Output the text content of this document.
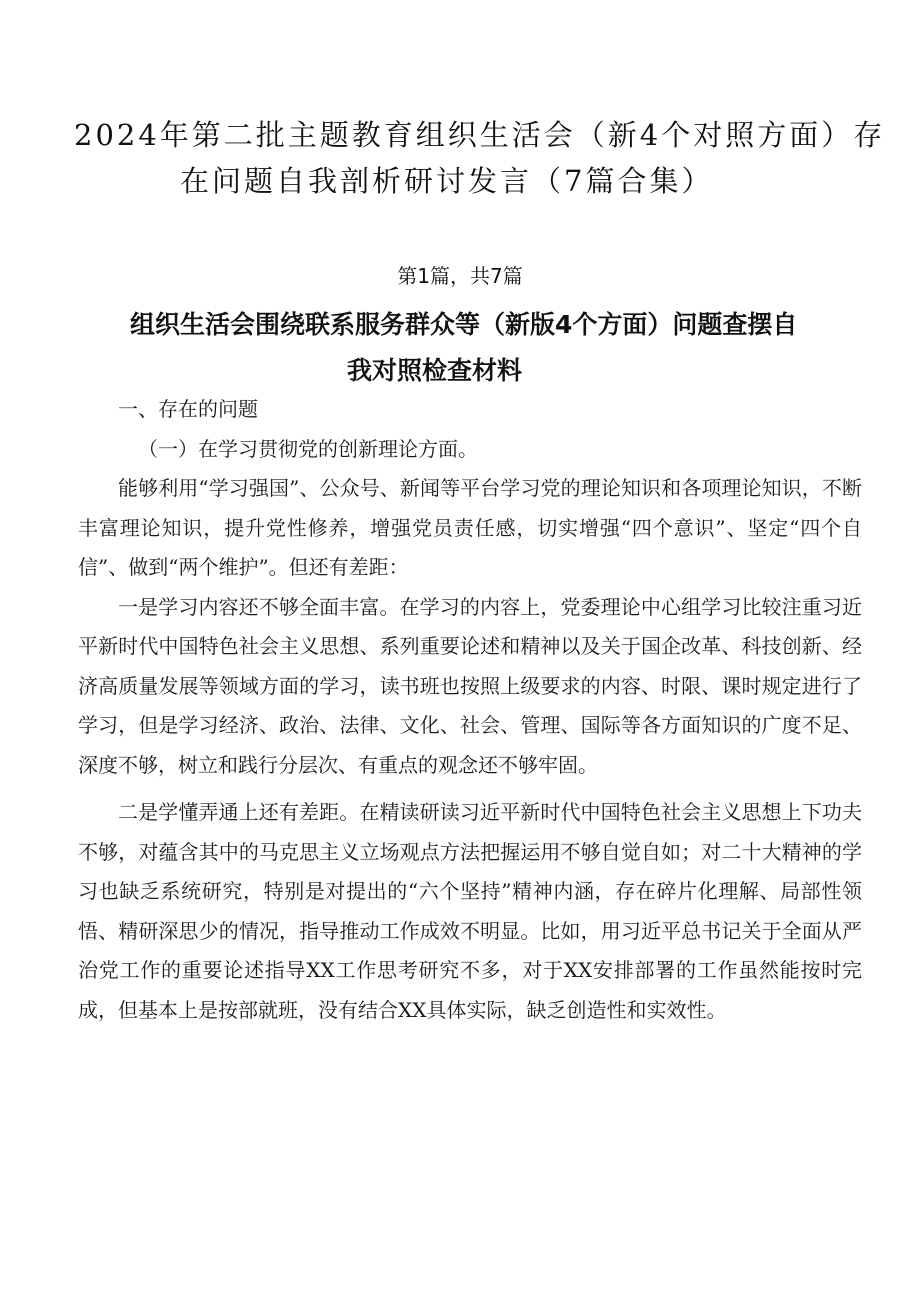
2024年第二批主题教育组织生活会（新4个对照方面）存
在问题自我剖析研讨发言（7篇合集）
第1篇，共7篇
组织生活会围绕联系服务群众等（新版4个方面）问题查摆自
我对照检查材料

一、存在的问题

（一）在学习贯彻党的创新理论方面。

能够利用“学习强国”、公众号、新闻等平台学习党的理论知识和各项理论知识，不断丰富理论知识，提升党性修养，增强党员责任感，切实增强“四个意识”、坚定“四个自信”、做到“两个维护”。但还有差距：

一是学习内容还不够全面丰富。在学习的内容上，党委理论中心组学习比较注重习近平新时代中国特色社会主义思想、系列重要论述和精神以及关于国企改革、科技创新、经济高质量发展等领域方面的学习，读书班也按照上级要求的内容、时限、课时规定进行了学习，但是学习经济、政治、法律、文化、社会、管理、国际等各方面知识的广度不足、深度不够，树立和践行分层次、有重点的观念还不够牢固。

二是学懂弄通上还有差距。在精读研读习近平新时代中国特色社会主义思想上下功夫不够，对蕴含其中的马克思主义立场观点方法把握运用不够自觉自如；对二十大精神的学习也缺乏系统研究，特别是对提出的“六个坚持”精神内涵，存在碎片化理解、局部性领悟、精研深思少的情况，指导推动工作成效不明显。比如，用习近平总书记关于全面从严治党工作的重要论述指导XX工作思考研究不多，对于XX安排部署的工作虽然能按时完成，但基本上是按部就班，没有结合XX具体实际，缺乏创造性和实效性。
